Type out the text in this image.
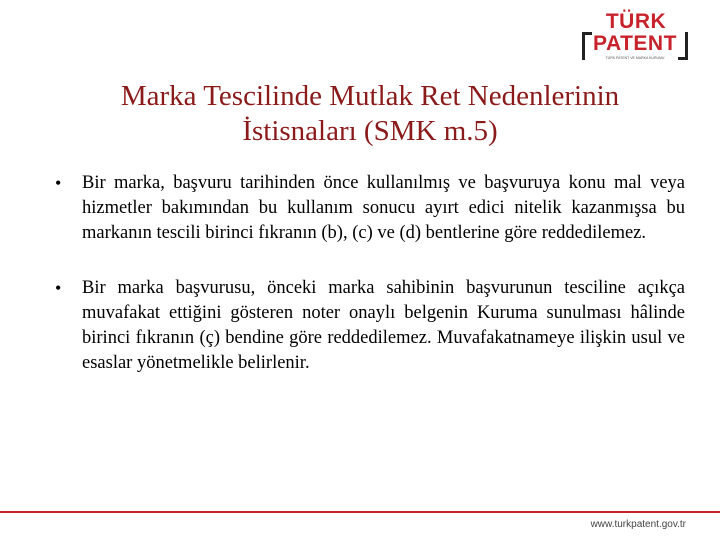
TÜRK
PATENT
TÜRK PATENT VE MARKA KURUMU
Marka Tescilinde Mutlak Ret Nedenlerinin
İstisnaları (SMK m.5)
• Bir marka, başvuru tarihinden önce kullanılmış ve başvuruya konu mal veya hizmetler bakımından bu kullanım sonucu ayırt edici nitelik kazanmışsa bu markanın tescili birinci fıkranın (b), (c) ve (d) bentlerine göre reddedilemez.
• Bir marka başvurusu, önceki marka sahibinin başvurunun tesciline açıkça muvafakat ettiğini gösteren noter onaylı belgenin Kuruma sunulması hâlinde birinci fıkranın (ç) bendine göre reddedilemez. Muvafakatnameye ilişkin usul ve esaslar yönetmelikle belirlenir.
www.turkpatent.gov.tr
